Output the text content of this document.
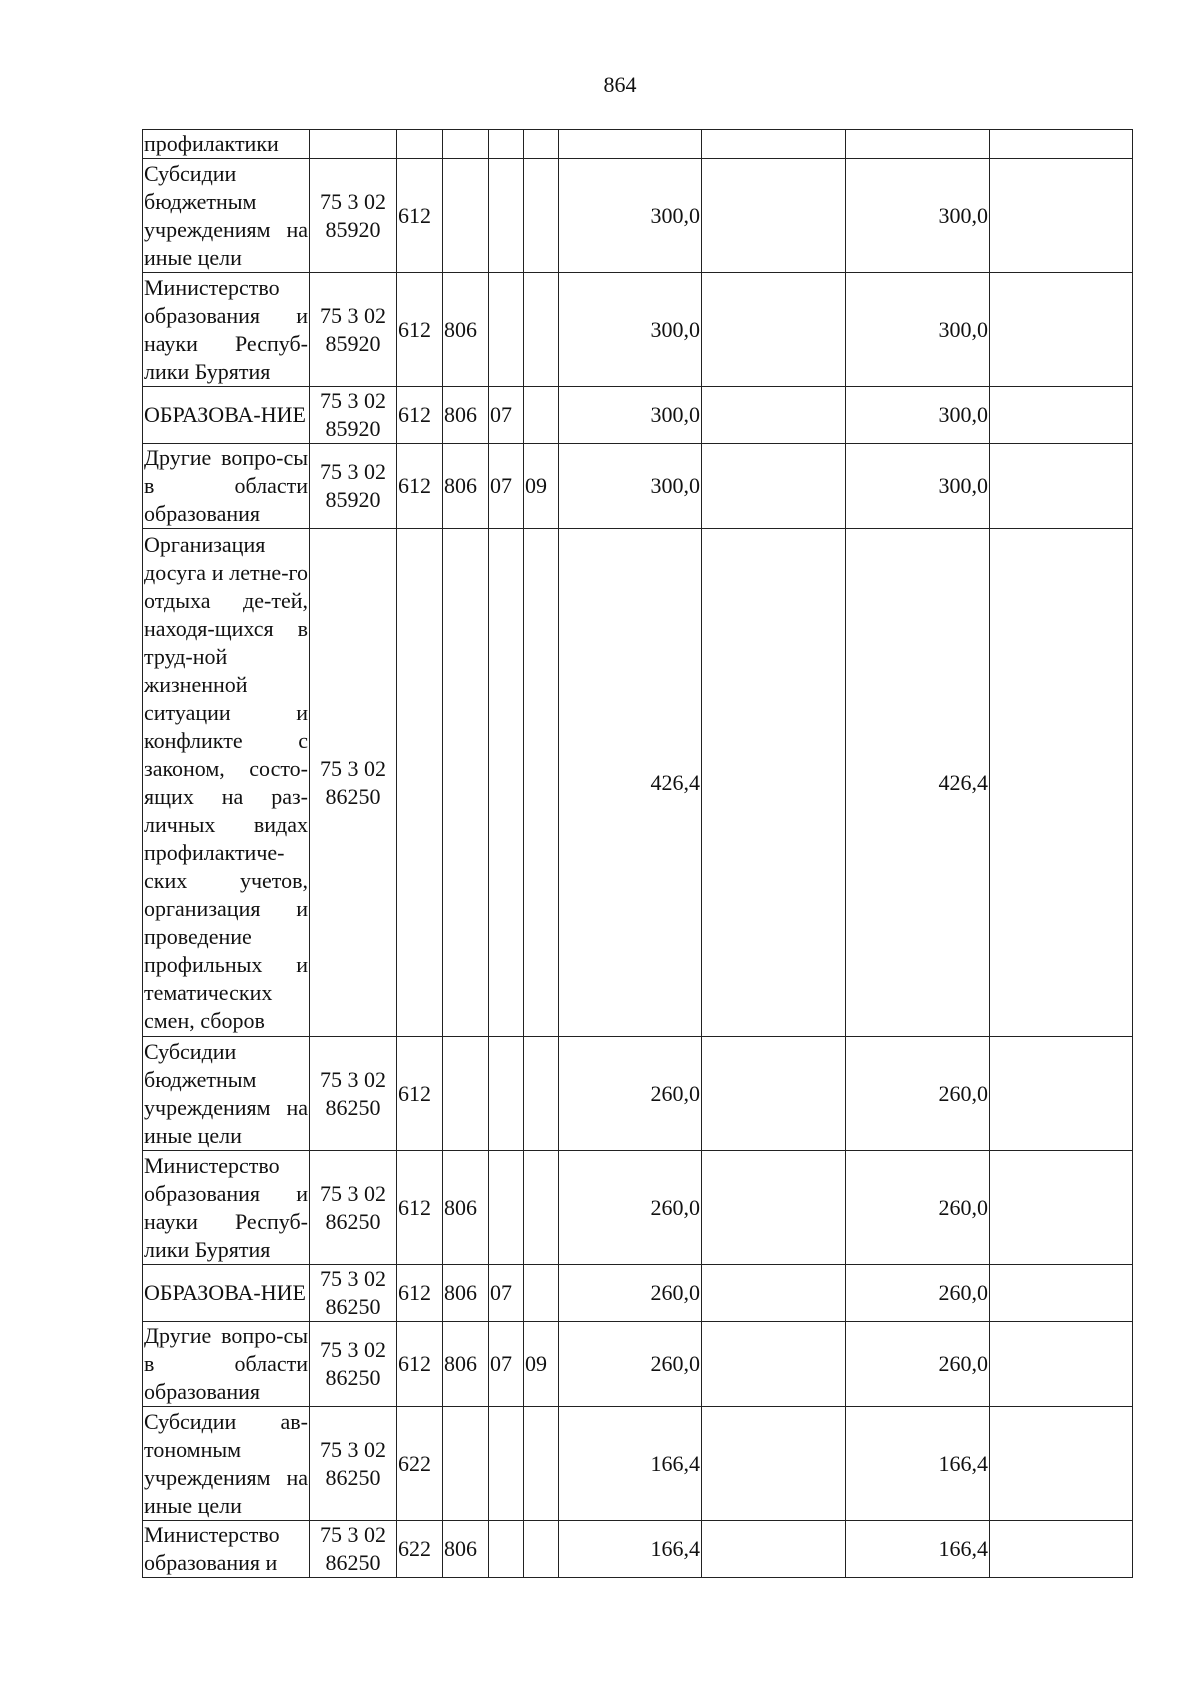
864
профилактики									
Субсидии бюджетным учреждениям на иные цели	75 3 02 85920	612				300,0		300,0	
Министерство образования и науки Респуб-лики Бурятия	75 3 02 85920	612	806			300,0		300,0	
ОБРАЗОВА-НИЕ	75 3 02 85920	612	806	07		300,0		300,0	
Другие вопро-сы в области образования	75 3 02 85920	612	806	07	09	300,0		300,0	
Организация досуга и летне-го отдыха де-тей, находя-щихся в труд-ной жизненной ситуации и конфликте с законом, состо-ящих на раз-личных видах профилактиче-ских учетов, организация и проведение профильных и тематических смен, сборов	75 3 02 86250					426,4		426,4	
Субсидии бюджетным учреждениям на иные цели	75 3 02 86250	612				260,0		260,0	
Министерство образования и науки Респуб-лики Бурятия	75 3 02 86250	612	806			260,0		260,0	
ОБРАЗОВА-НИЕ	75 3 02 86250	612	806	07		260,0		260,0	
Другие вопро-сы в области образования	75 3 02 86250	612	806	07	09	260,0		260,0	
Субсидии ав-тономным учреждениям на иные цели	75 3 02 86250	622				166,4		166,4	
Министерство образования и	75 3 02 86250	622	806			166,4		166,4	
